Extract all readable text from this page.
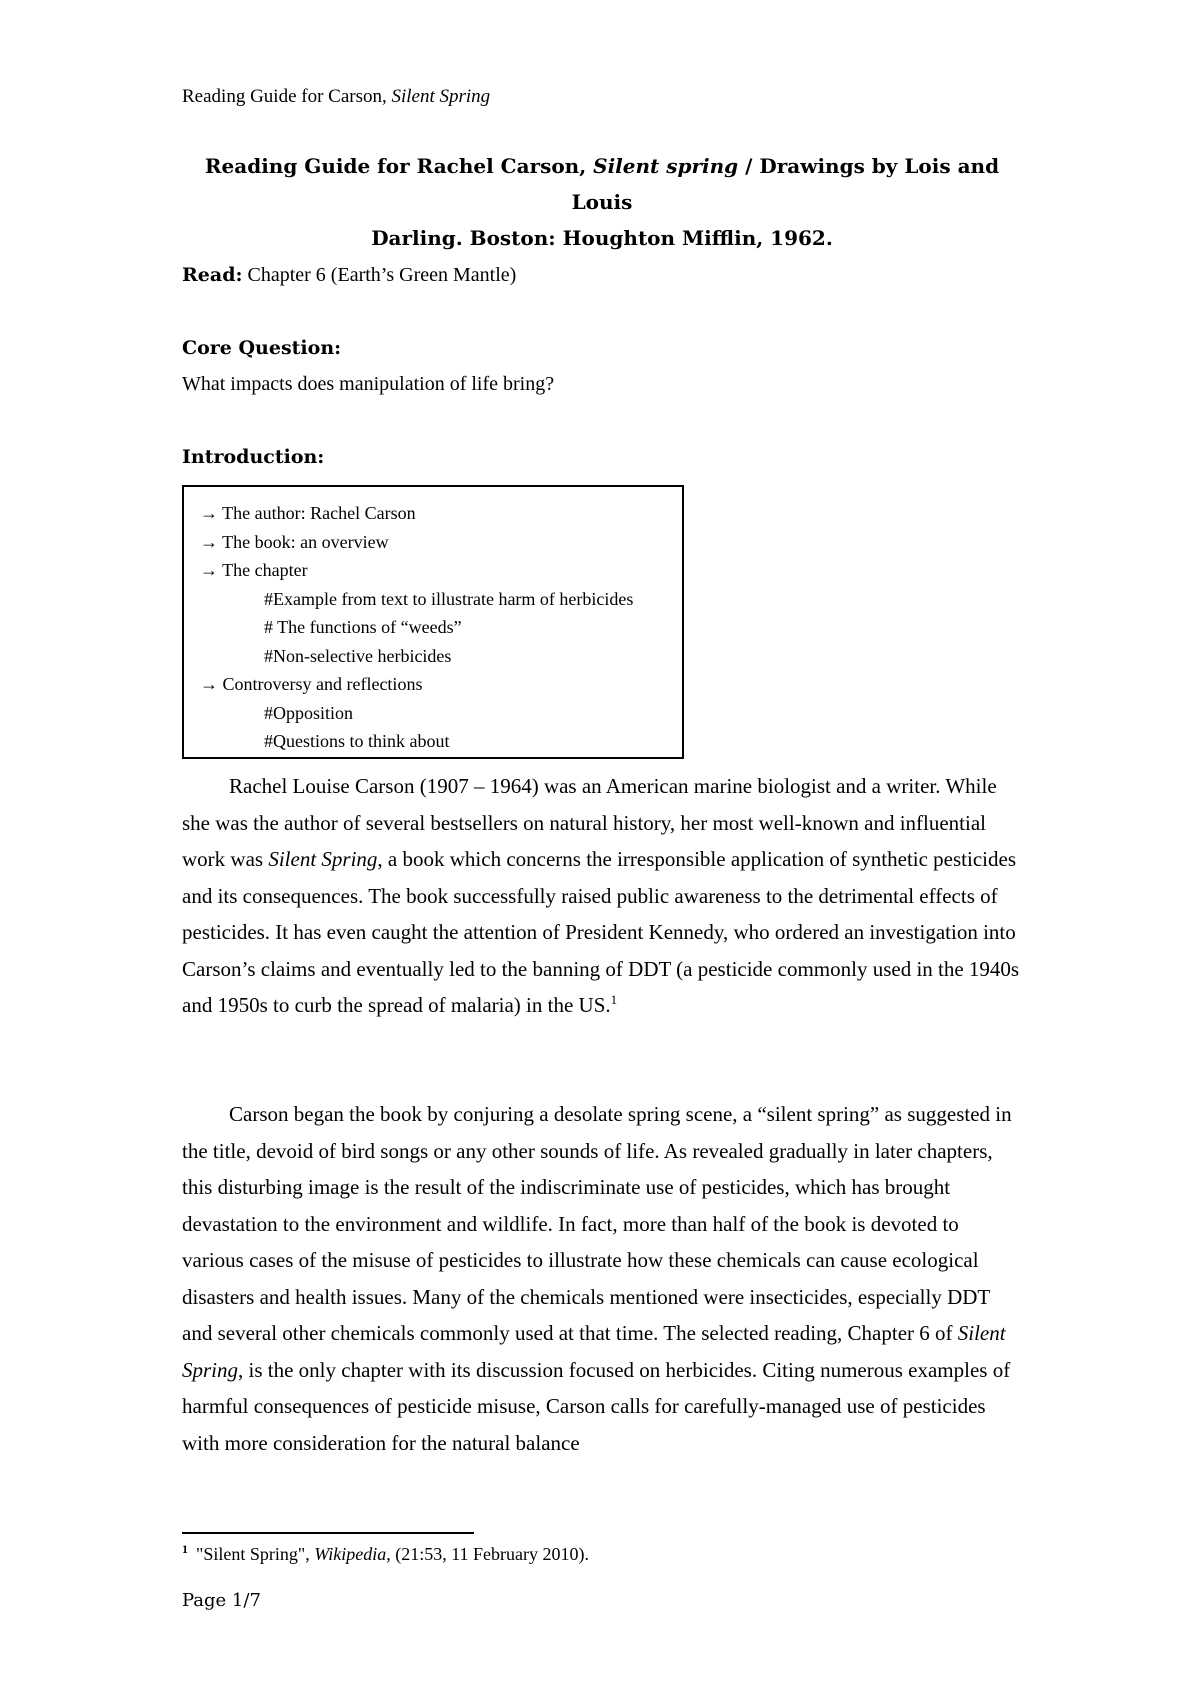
Reading Guide for Carson, Silent Spring
Reading Guide for Rachel Carson, Silent spring / Drawings by Lois and Louis
Darling. Boston: Houghton Mifflin, 1962.
Read: Chapter 6 (Earth’s Green Mantle)
Core Question:
What impacts does manipulation of life bring?
Introduction:
→ The author: Rachel Carson
→ The book: an overview
→ The chapter
#Example from text to illustrate harm of herbicides
# The functions of “weeds”
#Non-selective herbicides
→ Controversy and reflections
#Opposition
#Questions to think about

Rachel Louise Carson (1907 – 1964) was an American marine biologist and a writer. While she was the author of several bestsellers on natural history, her most well-known and influential work was Silent Spring, a book which concerns the irresponsible application of synthetic pesticides and its consequences. The book successfully raised public awareness to the detrimental effects of pesticides. It has even caught the attention of President Kennedy, who ordered an investigation into Carson’s claims and eventually led to the banning of DDT (a pesticide commonly used in the 1940s and 1950s to curb the spread of malaria) in the US.$^1$

Carson began the book by conjuring a desolate spring scene, a “silent spring” as suggested in the title, devoid of bird songs or any other sounds of life. As revealed gradually in later chapters, this disturbing image is the result of the indiscriminate use of pesticides, which has brought devastation to the environment and wildlife. In fact, more than half of the book is devoted to various cases of the misuse of pesticides to illustrate how these chemicals can cause ecological disasters and health issues. Many of the chemicals mentioned were insecticides, especially DDT and several other chemicals commonly used at that time. The selected reading, Chapter 6 of Silent Spring, is the only chapter with its discussion focused on herbicides. Citing numerous examples of harmful consequences of pesticide misuse, Carson calls for carefully-managed use of pesticides with more consideration for the natural balance

$^1$ "Silent Spring", Wikipedia, (21:53, 11 February 2010).
Page 1/7
